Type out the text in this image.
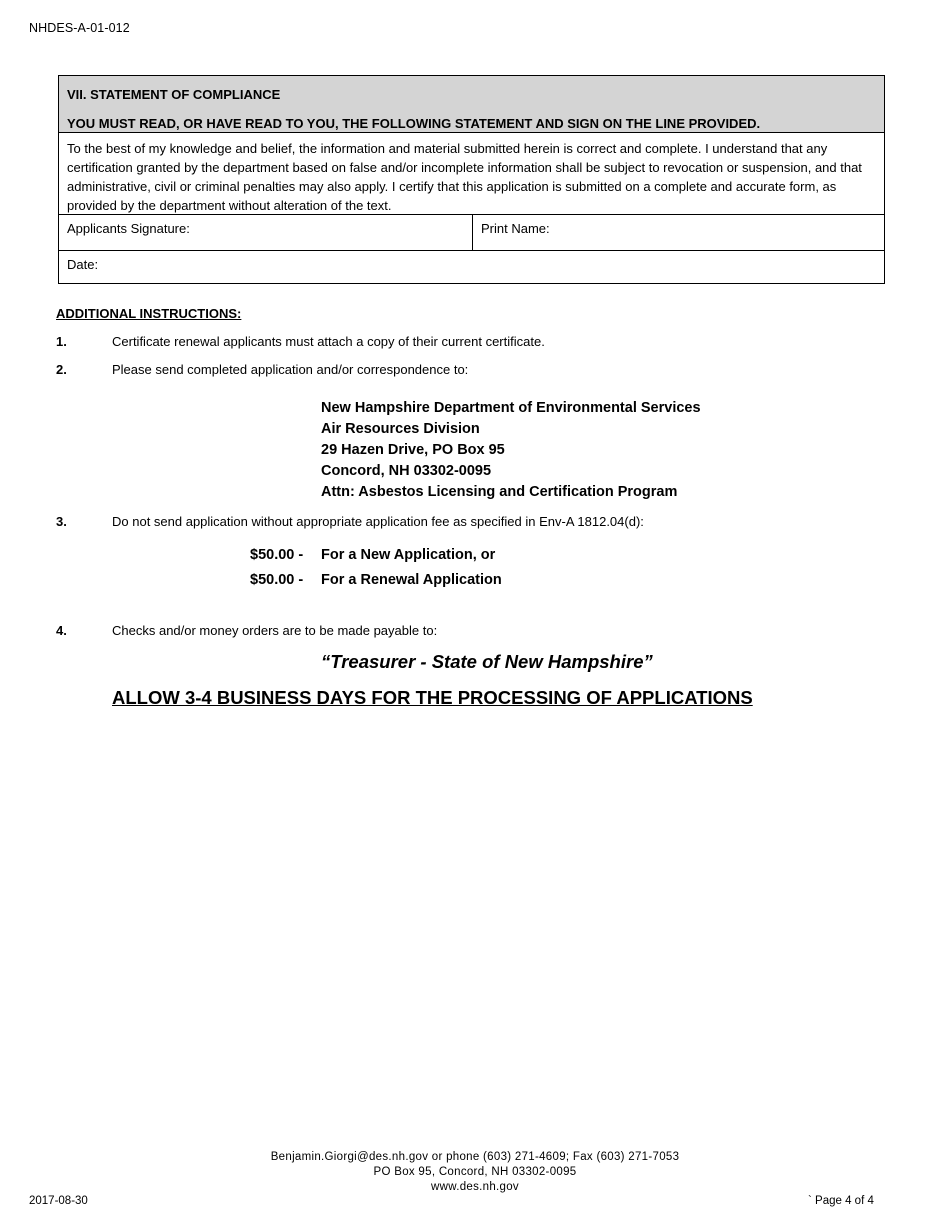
NHDES-A-01-012
VII. STATEMENT OF COMPLIANCE
YOU MUST READ, OR HAVE READ TO YOU, THE FOLLOWING STATEMENT AND SIGN ON THE LINE PROVIDED.
To the best of my knowledge and belief, the information and material submitted herein is correct and complete. I understand that any certification granted by the department based on false and/or incomplete information shall be subject to revocation or suspension, and that administrative, civil or criminal penalties may also apply. I certify that this application is submitted on a complete and accurate form, as provided by the department without alteration of the text.
Applicants Signature:	Print Name:
Date:
ADDITIONAL INSTRUCTIONS:
1.	Certificate renewal applicants must attach a copy of their current certificate.
2.	Please send completed application and/or correspondence to:
New Hampshire Department of Environmental Services
Air Resources Division
29 Hazen Drive, PO Box 95
Concord, NH 03302-0095
Attn: Asbestos Licensing and Certification Program
3.	Do not send application without appropriate application fee as specified in Env-A 1812.04(d):
$50.00 - For a New Application, or
$50.00 - For a Renewal Application
4.	Checks and/or money orders are to be made payable to:
“Treasurer - State of New Hampshire”
ALLOW 3-4 BUSINESS DAYS FOR THE PROCESSING OF APPLICATIONS
Benjamin.Giorgi@des.nh.gov or phone (603) 271-4609; Fax (603) 271-7053
PO Box 95, Concord, NH 03302-0095
www.des.nh.gov
2017-08-30	` Page 4 of 4
